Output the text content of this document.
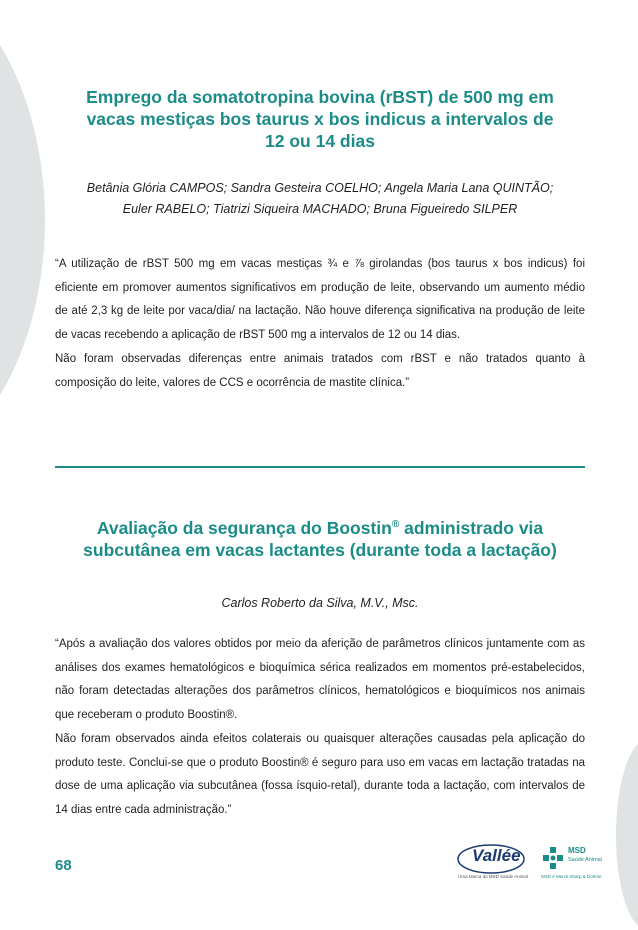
Emprego da somatotropina bovina (rBST) de 500 mg em
vacas mestiças bos taurus x bos indicus a intervalos de
12 ou 14 dias
Betânia Glória CAMPOS; Sandra Gesteira COELHO; Angela Maria Lana QUINTÃO;
Euler RABELO; Tiatrizi Siqueira MACHADO; Bruna Figueiredo SILPER

“A utilização de rBST 500 mg em vacas mestiças ¾ e ⅞ girolandas (bos taurus x bos indicus) foi eficiente em promover aumentos significativos em produção de leite, observando um aumento médio de até 2,3 kg de leite por vaca/dia/ na lactação. Não houve diferença significativa na produção de leite de vacas recebendo a aplicação de rBST 500 mg a intervalos de 12 ou 14 dias.

Não foram observadas diferenças entre animais tratados com rBST e não tratados quanto à composição do leite, valores de CCS e ocorrência de mastite clínica.”

Avaliação da segurança do Boostin® administrado via
subcutânea em vacas lactantes (durante toda a lactação)
Carlos Roberto da Silva, M.V., Msc.

“Após a avaliação dos valores obtidos por meio da aferição de parâmetros clínicos juntamente com as análises dos exames hematológicos e bioquímica sérica realizados em momentos pré-estabelecidos, não foram detectadas alterações dos parâmetros clínicos, hematológicos e bioquímicos nos animais que receberam o produto Boostin®.

Não foram observados ainda efeitos colaterais ou quaisquer alterações causadas pela aplicação do produto teste. Conclui-se que o produto Boostin® é seguro para uso em vacas em lactação tratadas na dose de uma aplicação via subcutânea (fossa ísquio-retal), durante toda a lactação, com intervalos de 14 dias entre cada administração.”

68
Vallée
Uma Marca da MSD Saúde Animal
MSD
Saúde Animal
MSD é Merck Sharp & Dohme
